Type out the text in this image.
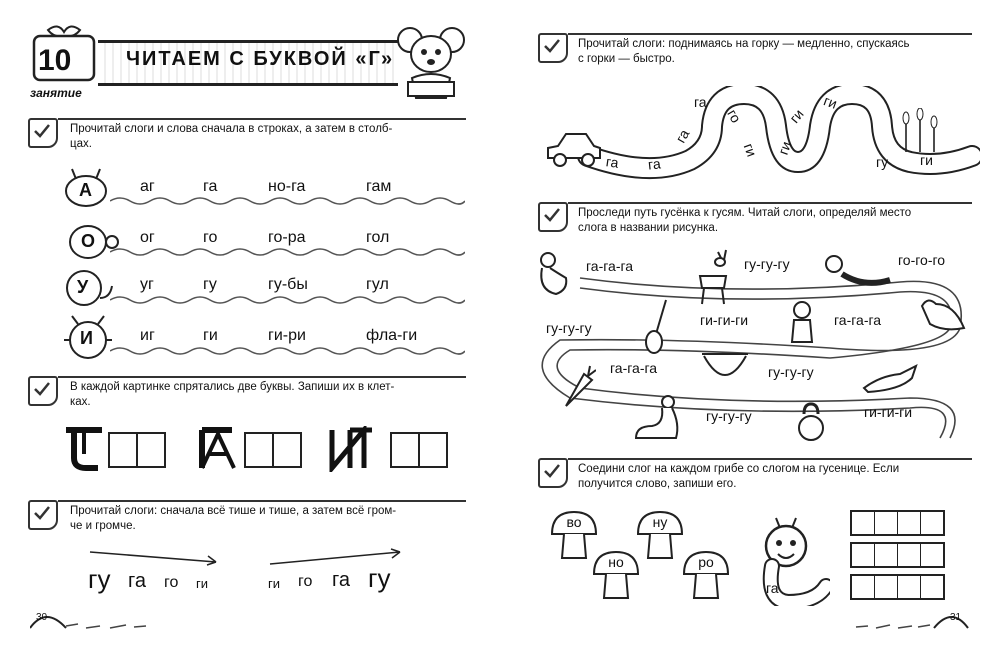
10
занятие
ЧИТАЕМ С БУКВОЙ «Г»
Прочитай слоги и слова сначала в строках, а затем в столб-
цах.
А	аг	га	но-га	гам
О	ог	го	го-ра	гол
У	уг	гу	гу-бы	гул
И	иг	ги	ги-ри	фла-ги
В каждой картинке спрятались две буквы. Запиши их в клет-
ках.
Прочитай слоги: сначала всё тише и тише, а затем всё гром-
че и громче.
гу га го ги	ги го га гу
30
Прочитай слоги: поднимаясь на горку — медленно, спускаясь
с горки — быстро.
га га
га
га
го
ги ги
ги
ги
гу ги
Проследи путь гусёнка к гусям. Читай слоги, определяй место
слога в названии рисунка.
га-га-га	гу-гу-гу	го-го-го
гу-гу-гу	ги-ги-ги	га-га-га
га-га-га	гу-гу-гу
гу-гу-гу	ги-ги-ги
Соедини слог на каждом грибе со слогом на гусенице. Если
получится слово, запиши его.
во	ну
но	ро
га
31
